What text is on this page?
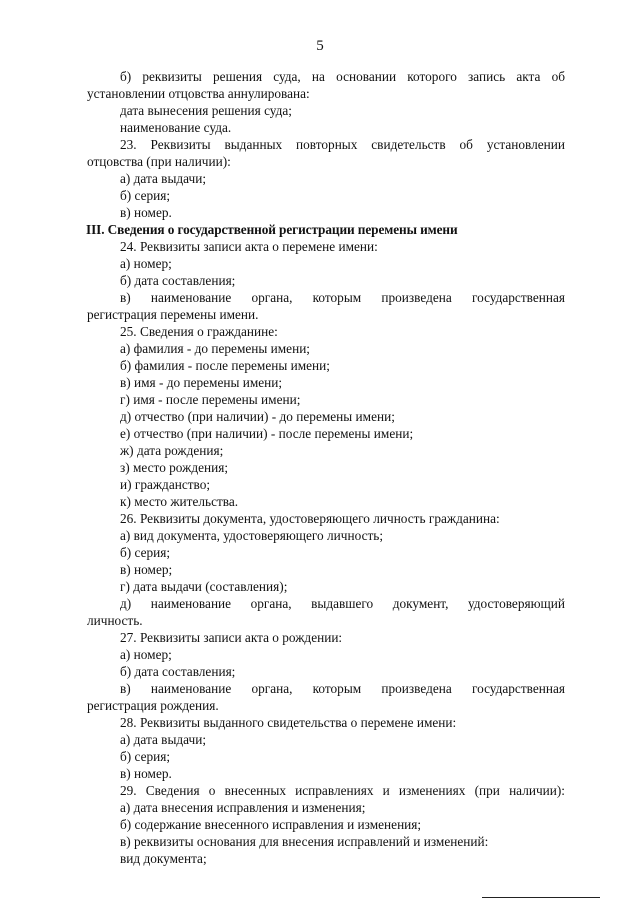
5
б) реквизиты решения суда, на основании которого запись акта об
установлении отцовства аннулирована:
дата вынесения решения суда;
наименование суда.
23. Реквизиты выданных повторных свидетельств об установлении
отцовства (при наличии):
а) дата выдачи;
б) серия;
в) номер.
III. Сведения о государственной регистрации перемены имени
24. Реквизиты записи акта о перемене имени:
а) номер;
б) дата составления;
в) наименование органа, которым произведена государственная
регистрация перемены имени.
25. Сведения о гражданине:
а) фамилия - до перемены имени;
б) фамилия - после перемены имени;
в) имя - до перемены имени;
г) имя - после перемены имени;
д) отчество (при наличии) - до перемены имени;
е) отчество (при наличии) - после перемены имени;
ж) дата рождения;
з) место рождения;
и) гражданство;
к) место жительства.
26. Реквизиты документа, удостоверяющего личность гражданина:
а) вид документа, удостоверяющего личность;
б) серия;
в) номер;
г) дата выдачи (составления);
д) наименование органа, выдавшего документ, удостоверяющий
личность.
27. Реквизиты записи акта о рождении:
а) номер;
б) дата составления;
в) наименование органа, которым произведена государственная
регистрация рождения.
28. Реквизиты выданного свидетельства о перемене имени:
а) дата выдачи;
б) серия;
в) номер.
29. Сведения о внесенных исправлениях и изменениях (при наличии):
а) дата внесения исправления и изменения;
б) содержание внесенного исправления и изменения;
в) реквизиты основания для внесения исправлений и изменений:
вид документа;
